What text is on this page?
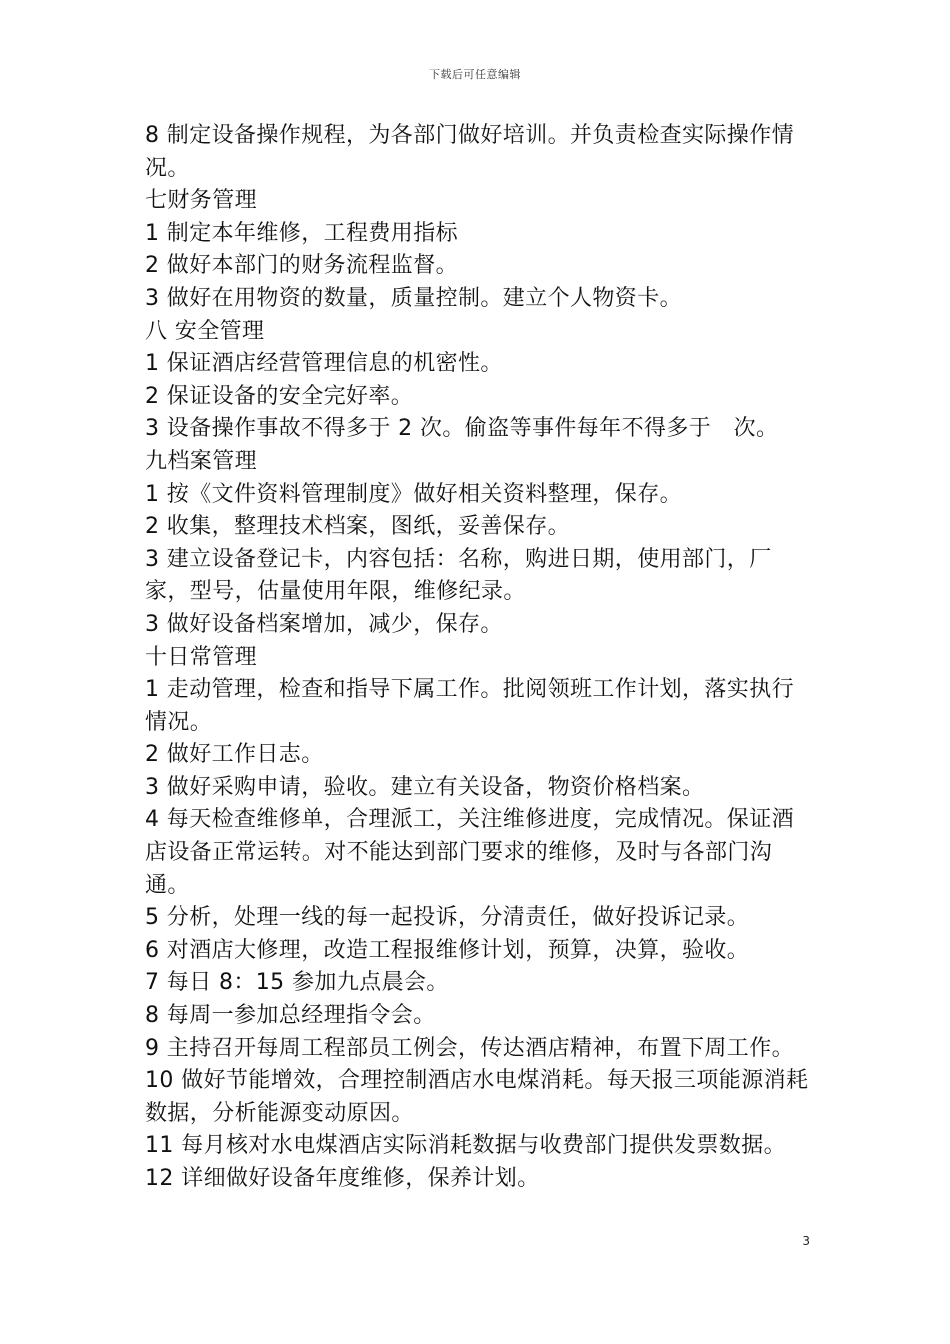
下载后可任意编辑

8 制定设备操作规程，为各部门做好培训。并负责检查实际操作情况。

七财务管理

1 制定本年维修，工程费用指标

2 做好本部门的财务流程监督。

3 做好在用物资的数量，质量控制。建立个人物资卡。

八 安全管理

1 保证酒店经营管理信息的机密性。

2 保证设备的安全完好率。

3 设备操作事故不得多于 2 次。偷盗等事件每年不得多于　次。

九档案管理

1 按《文件资料管理制度》做好相关资料整理，保存。

2 收集，整理技术档案，图纸，妥善保存。

3 建立设备登记卡，内容包括：名称，购进日期，使用部门，厂家，型号，估量使用年限，维修纪录。

3 做好设备档案增加，减少，保存。

十日常管理

1 走动管理，检查和指导下属工作。批阅领班工作计划，落实执行情况。

2 做好工作日志。

3 做好采购申请，验收。建立有关设备，物资价格档案。

4 每天检查维修单，合理派工，关注维修进度，完成情况。保证酒店设备正常运转。对不能达到部门要求的维修，及时与各部门沟通。

5 分析，处理一线的每一起投诉，分清责任，做好投诉记录。

6 对酒店大修理，改造工程报维修计划，预算，决算，验收。

7 每日 8：15 参加九点晨会。

8 每周一参加总经理指令会。

9 主持召开每周工程部员工例会，传达酒店精神，布置下周工作。

10 做好节能增效，合理控制酒店水电煤消耗。每天报三项能源消耗数据，分析能源变动原因。

11 每月核对水电煤酒店实际消耗数据与收费部门提供发票数据。

12 详细做好设备年度维修，保养计划。

3
